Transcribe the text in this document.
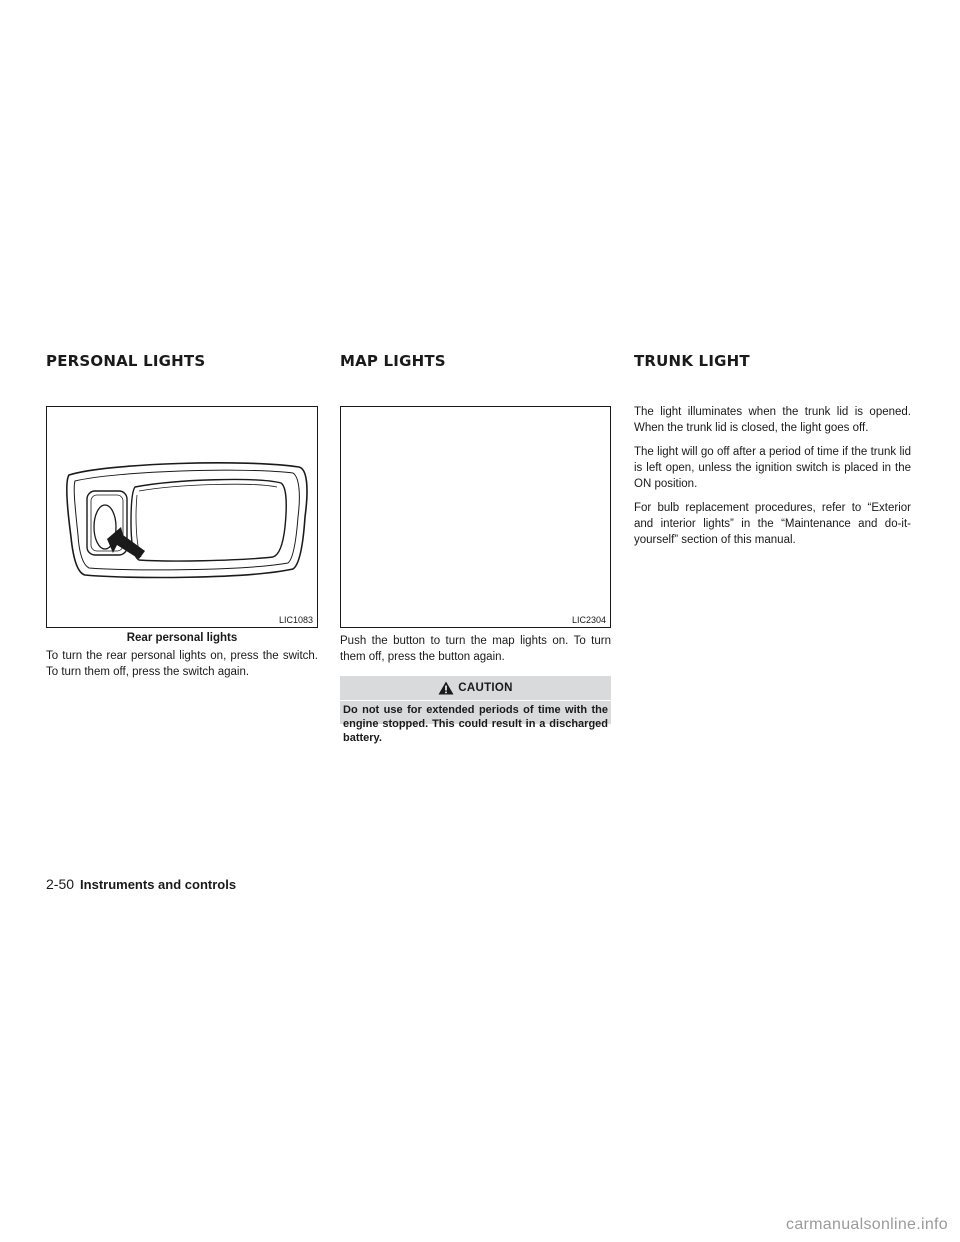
PERSONAL LIGHTS	MAP LIGHTS	TRUNK LIGHT
LIC1083

Rear personal lights

To turn the rear personal lights on, press the switch. To turn them off, press the switch again.

LIC2304

Push the button to turn the map lights on. To turn them off, press the button again.

CAUTION

Do not use for extended periods of time with the engine stopped. This could result in a discharged battery.

The light illuminates when the trunk lid is opened. When the trunk lid is closed, the light goes off.

The light will go off after a period of time if the trunk lid is left open, unless the ignition switch is placed in the ON position.

For bulb replacement procedures, refer to “Exterior and interior lights” in the “Maintenance and do-it-yourself” section of this manual.

2-50 Instruments and controls
carmanualsonline.info
